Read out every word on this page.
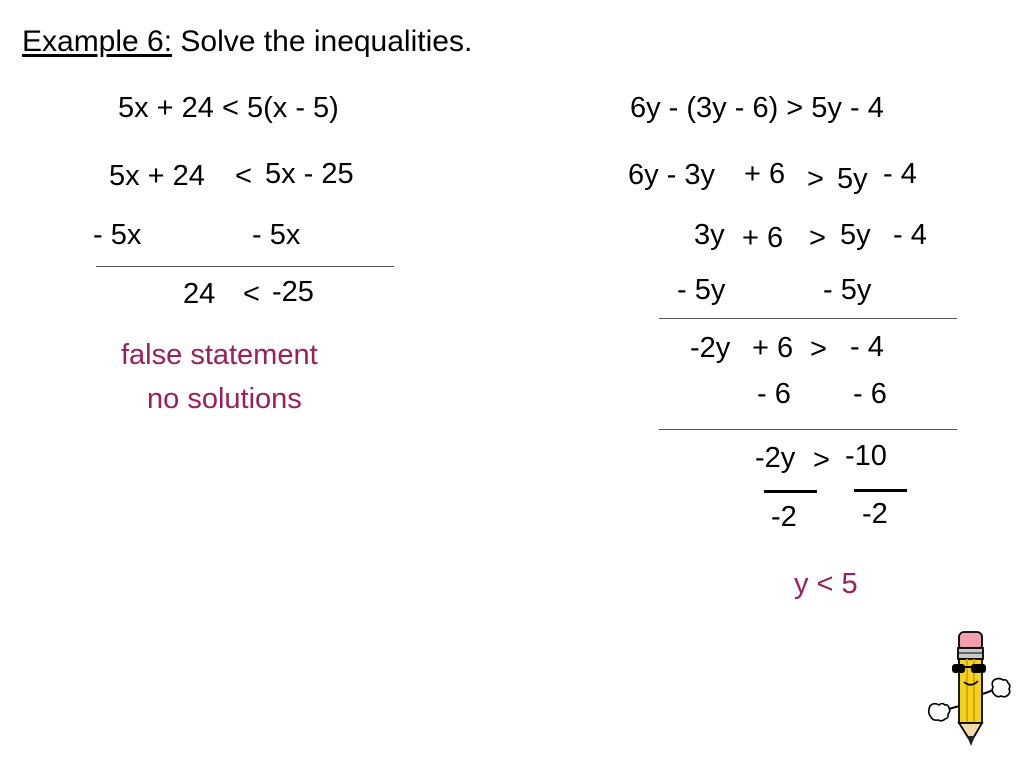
Example 6: Solve the inequalities.
5x + 24 < 5(x - 5)
5x + 24 < 5x - 25
- 5x	- 5x
24 < -25
false statement
no solutions
6y - (3y - 6) > 5y - 4
6y - 3y + 6 > 5y - 4
3y + 6 > 5y - 4
- 5y	- 5y
-2y + 6 > - 4
- 6 - 6
-2y > -10
-2 -2
y < 5
